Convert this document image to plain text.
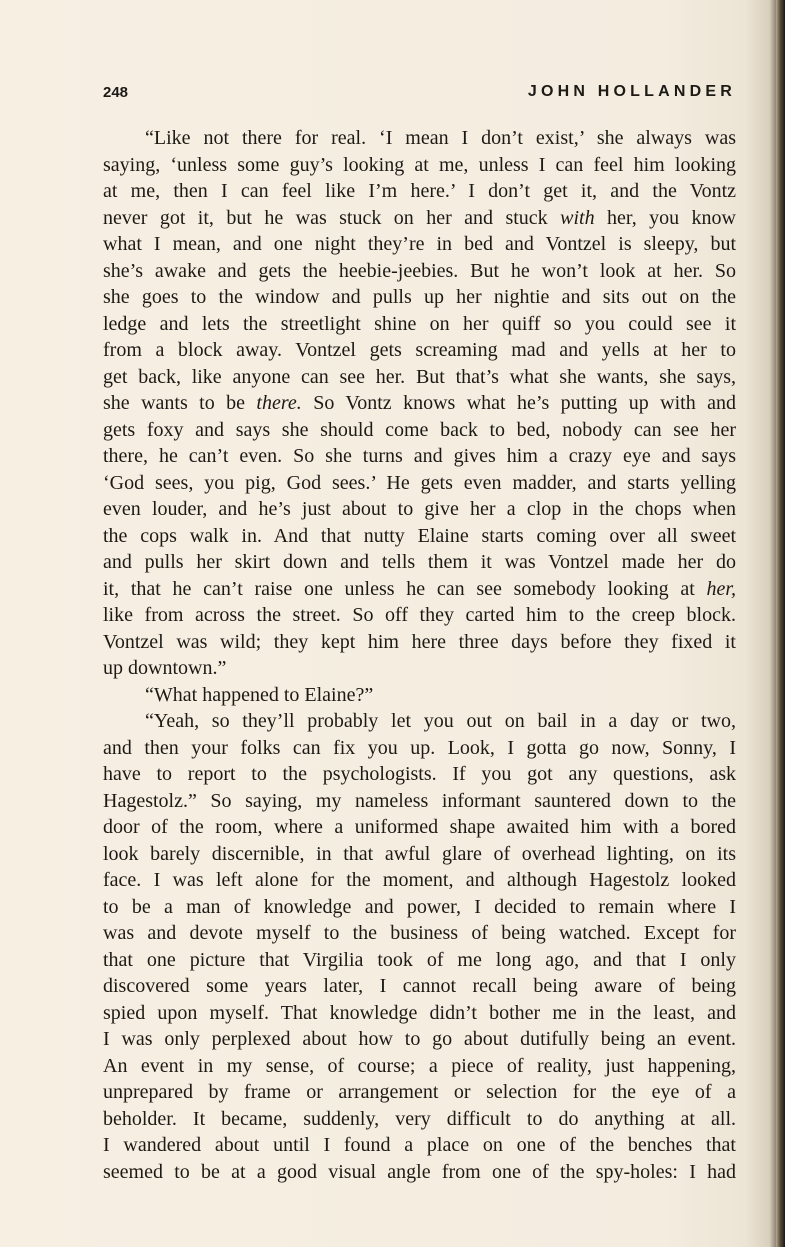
248	JOHN HOLLANDER
“Like not there for real. ‘I mean I don’t exist,’ she always was
saying, ‘unless some guy’s looking at me, unless I can feel him looking
at me, then I can feel like I’m here.’ I don’t get it, and the Vontz
never got it, but he was stuck on her and stuck with her, you know
what I mean, and one night they’re in bed and Vontzel is sleepy, but
she’s awake and gets the heebie-jeebies. But he won’t look at her. So
she goes to the window and pulls up her nightie and sits out on the
ledge and lets the streetlight shine on her quiff so you could see it
from a block away. Vontzel gets screaming mad and yells at her to
get back, like anyone can see her. But that’s what she wants, she says,
she wants to be there. So Vontz knows what he’s putting up with and
gets foxy and says she should come back to bed, nobody can see her
there, he can’t even. So she turns and gives him a crazy eye and says
‘God sees, you pig, God sees.’ He gets even madder, and starts yelling
even louder, and he’s just about to give her a clop in the chops when
the cops walk in. And that nutty Elaine starts coming over all sweet
and pulls her skirt down and tells them it was Vontzel made her do
it, that he can’t raise one unless he can see somebody looking at her,
like from across the street. So off they carted him to the creep block.
Vontzel was wild; they kept him here three days before they fixed it
up downtown.”
“What happened to Elaine?”
“Yeah, so they’ll probably let you out on bail in a day or two,
and then your folks can fix you up. Look, I gotta go now, Sonny, I
have to report to the psychologists. If you got any questions, ask
Hagestolz.” So saying, my nameless informant sauntered down to the
door of the room, where a uniformed shape awaited him with a bored
look barely discernible, in that awful glare of overhead lighting, on its
face. I was left alone for the moment, and although Hagestolz looked
to be a man of knowledge and power, I decided to remain where I
was and devote myself to the business of being watched. Except for
that one picture that Virgilia took of me long ago, and that I only
discovered some years later, I cannot recall being aware of being
spied upon myself. That knowledge didn’t bother me in the least, and
I was only perplexed about how to go about dutifully being an event.
An event in my sense, of course; a piece of reality, just happening,
unprepared by frame or arrangement or selection for the eye of a
beholder. It became, suddenly, very difficult to do anything at all.
I wandered about until I found a place on one of the benches that
seemed to be at a good visual angle from one of the spy-holes: I had
